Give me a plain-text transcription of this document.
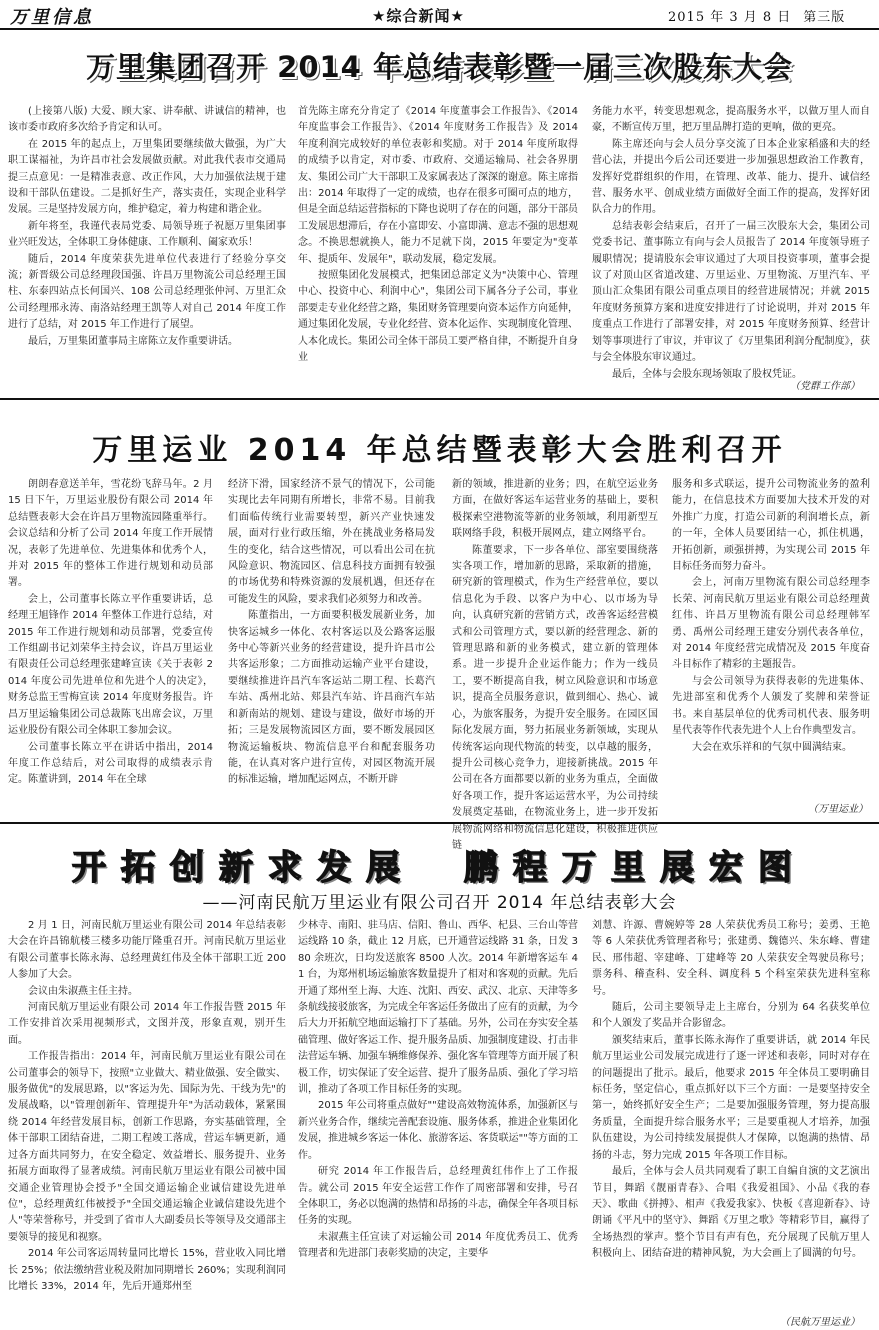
万里信息	★综合新闻★	2015 年 3 月 8 日 第三版
万里集团召开 2014 年总结表彰暨一届三次股东大会

(上接第八版) 大爱、顾大家、讲奉献、讲诚信的精神，也该市委市政府多次给予肯定和认可。

在 2015 年的起点上，万里集团要继续做大做强，为广大职工谋福祉，为许昌市社会发展做贡献。对此我代表市交通局提三点意见：一是精准表意、改正作风，大力加强依法规于建设和干部队伍建设。二是抓好生产，落实责任，实现企业科学发展。三是坚持发展方向，维护稳定，着力构建和谐企业。

新年将至，我谨代表局党委、局领导班子祝愿万里集团事业兴旺发达，全体职工身体健康、工作顺利、阖家欢乐！

随后，2014 年度荣获先进单位代表进行了经验分享交流；新晋级公司总经理段国强、许昌万里物流公司总经理王国柱、东泰四站点长何国兴、108 公司总经理张仲河、万里汇众公司经理邢永涛、南洛站经理王凯等人对自己 2014 年度工作进行了总结，对 2015 年工作进行了展望。

最后，万里集团董事局主席陈立友作重要讲话。

首先陈主席充分肯定了《2014 年度董事会工作报告》、《2014 年度监事会工作报告》、《2014 年度财务工作报告》及 2014 年度利润完成较好的单位表彰和奖励。对于 2014 年度所取得的成绩予以肯定，对市委、市政府、交通运输局、社会各界朋友、集团公司广大干部职工及家属表达了深深的谢意。陈主席指出：2014 年取得了一定的成绩，也存在很多可圈可点的地方，但是全面总结运营指标的下降也说明了存在的问题，部分干部员工发展思想滞后，存在小富即安、小富即满、意志不强的思想观念。不换思想就换人，能力不足就下岗，2015 年要定为"变革年、提质年、发展年"，联动发展，稳定发展。

按照集团化发展模式，把集团总部定义为"决策中心、管理中心、投资中心、利润中心"，集团公司下属各分子公司，事业部要走专业化经营之路，集团财务管理要向资本运作方向延伸，通过集团化发展，专业化经营、资本化运作、实现制度化管理、人本化成长。集团公司全体干部员工要严格自律，不断提升自身业

务能力水平，转变思想观念，提高服务水平，以做万里人而自豪，不断宣传万里，把万里品牌打造的更响，做的更亮。

陈主席还向与会人员分享交流了日本企业家稻盛和夫的经营心法，并提出今后公司还要进一步加强思想政治工作教育，发挥好党群组织的作用，在管理、改革、能力、提升、诚信经营、服务水平、创成业绩方面做好全面工作的提高，发挥好团队合力的作用。

总结表彰会结束后，召开了一届三次股东大会，集团公司党委书记、董事陈立有向与会人员报告了 2014 年度领导班子履职情况；提请股东会审议通过了大项目投资事项，董事会提议了对顶山区省道改建、万里运业、万里物流、万里汽车、平顶山汇众集团有限公司重点项目的经营进展情况；并就 2015 年度财务预算方案和进度安排进行了讨论说明，并对 2015 年度重点工作进行了部署安排，对 2015 年度财务预算、经营计划等事项进行了审议，并审议了《万里集团利润分配制度》，获与会全体股东审议通过。

最后，全体与会股东现场领取了股权凭证。

（党群工作部）
万里运业 2014 年总结暨表彰大会胜利召开

朗朗春意送羊年，雪花纷飞辞马年。2 月 15 日下午，万里运业股份有限公司 2014 年总结暨表彰大会在许昌万里物流园隆重举行。会议总结和分析了公司 2014 年度工作开展情况，表彰了先进单位、先进集体和优秀个人，并对 2015 年的整体工作进行规划和动员部署。

会上，公司董事长陈立平作重要讲话，总经理王旭锋作 2014 年整体工作进行总结，对 2015 年工作进行规划和动员部署，党委宣传工作组副书记刘荣华主持会议，许昌万里运业有限责任公司总经理张建峰宣读《关于表彰 2014 年度公司先进单位和先进个人的决定》，财务总监王雪梅宣读 2014 年度财务报告。许昌万里运输集团公司总裁陈飞出席会议，万里运业股份有限公司全体职工参加会议。

公司董事长陈立平在讲话中指出，2014 年度工作总结后，对公司取得的成绩表示肯定。陈董讲到，2014 年在全球

经济下滑，国家经济不景气的情况下，公司能实现比去年同期有所增长，非常不易。目前我们面临传统行业需要转型，新兴产业快速发展，面对行业行政压缩，外在挑战业务格局发生的变化，结合这些情况，可以看出公司在抗风险意识、物流园区、信息科技方面拥有较强的市场优势和特殊资源的发展机遇，但还存在可能发生的风险，要求我们必须努力和改善。

陈董指出，一方面要积极发展新业务，加快客运城乡一体化、农村客运以及公路客运服务中心等新兴业务的经营建设，提升许昌市公共客运形象；二方面推动运输产业平台建设，要继续推进许昌汽车客运站二期工程、长葛汽车站、禹州北站、郏县汽车站、许昌商汽车站和新南站的规划、建设与建设，做好市场的开拓；三是发展物流园区方面，要不断发展园区物流运输板块、物流信息平台和配套服务功能，在认真对客户进行宣传，对园区物流开展的标准运输，增加配运网点，不断开辟

新的领域，推进新的业务；四，在航空运业务方面，在做好客运车运营业务的基础上，要积极探索空港物流等新的业务领域，利用新型互联网络手段，积极开展网点，建立网络平台。

陈董要求，下一步各单位、部室要围绕落实各项工作，增加新的思路，采取新的措施，研究新的管理模式，作为生产经营单位，要以信息化为手段、以客户为中心、以市场为导向，认真研究新的营销方式，改善客运经营模式和公司管理方式，要以新的经营理念、新的管理思路和新的业务模式，建立新的管理体系。进一步提升企业运作能力；作为一线员工，要不断提高自我，树立风险意识和市场意识，提高全员服务意识，做到细心、热心、诚心，为旅客服务，为提升安全服务。在园区国际化发展方面，努力拓展业务新领域，实现从传统客运向现代物流的转变，以卓越的服务，提升公司核心竞争力，迎接新挑战。2015 年公司在各方面都要以新的业务为重点，全面做好各项工作，提升客运运营水平，为公司持续发展奠定基础，在物流业务上，进一步开发拓展物流网络和物流信息化建设，积极推进供应链

服务和多式联运，提升公司物流业务的盈利能力，在信息技术方面要加大技术开发的对外推广力度，打造公司新的利润增长点，新的一年，全体人员要团结一心，抓住机遇，开拓创新，顽强拼搏，为实现公司 2015 年目标任务而努力奋斗。

会上，河南万里物流有限公司总经理李长荣、河南民航万里运业有限公司总经理黄红伟、许昌万里物流有限公司总经理韩军勇、禹州公司经理王建安分别代表各单位，对 2014 年度经营完成情况及 2015 年度奋斗目标作了精彩的主题报告。

与会公司领导为获得表彰的先进集体、先进部室和优秀个人颁发了奖牌和荣誉证书。来自基层单位的优秀司机代表、服务明星代表等作代表先进个人上台作典型发言。

大会在欢乐祥和的气氛中圆满结束。

（万里运业）
开拓创新求发展　鹏程万里展宏图
——河南民航万里运业有限公司召开 2014 年总结表彰大会

2 月 1 日，河南民航万里运业有限公司 2014 年总结表彰大会在许昌锦航楼三楼多功能厅隆重召开。河南民航万里运业有限公司董事长陈永海、总经理黄红伟及全体干部职工近 200 人参加了大会。

会议由朱淑燕主任主持。

河南民航万里运业有限公司 2014 年工作报告暨 2015 年工作安排首次采用视频形式，文图并茂，形象直观，别开生面。

工作报告指出：2014 年，河南民航万里运业有限公司在公司董事会的领导下，按照"立业做大、精业做强、安全做实、服务做优"的发展思路，以"客运为先、国际为先、干线为先"的发展战略，以"管理创新年、管理提升年"为活动载体，紧紧围绕 2014 年经营发展目标，创新工作思路，夯实基础管理，全体干部职工团结奋进，二期工程竣工落成，营运车辆更新，通过各方面共同努力，在安全稳定、效益增长、服务提升、业务拓展方面取得了显著成绩。河南民航万里运业有限公司被中国交通企业管理协会授予"全国交通运输企业诚信建设先进单位"，总经理黄红伟被授予"全国交通运输企业诚信建设先进个人"等荣誉称号，并受到了省市人大副委员长等领导及交通部主要领导的接见和视察。

2014 年公司客运周转量同比增长 15%，营业收入同比增长 25%；依法缴纳营业税及附加同期增长 260%；实现利润同比增长 33%，2014 年，先后开通郑州至

少林寺、南阳、驻马店、信阳、鲁山、西华、杞县、三台山等营运线路 10 条，截止 12 月底，已开通营运线路 31 条，日发 380 余班次，日均发送旅客 8500 人次。2014 年新增客运车 41 台，为郑州机场运输旅客数量提升了相对和客观的贡献。先后开通了郑州至上海、大连、沈阳、西安、武汉、北京、天津等多条航线接驳旅客，为完成全年客运任务做出了应有的贡献，为今后大力开拓航空地面运输打下了基础。另外，公司在夯实安全基础管理、做好客运工作、提升服务品质、加强制度建设、打击非法营运车辆、加强车辆维修保养、强化客车管理等方面开展了积极工作，切实保证了安全运营、提升了服务品质、强化了学习培训，推动了各项工作目标任务的实现。

2015 年公司将重点做好""建设高效物流体系，加强新区与新兴业务合作，继续完善配套设施、服务体系，推进企业集团化发展，推进城乡客运一体化、旅游客运、客货联运""等方面的工作。

研究 2014 年工作报告后，总经理黄红伟作上了工作报告。就公司 2015 年安全运营工作作了周密部署和安排，号召全体职工，务必以饱满的热情和昂扬的斗志，确保全年各项目标任务的实现。

未淑燕主任宣读了对运输公司 2014 年度优秀员工、优秀管理者和先进部门表彰奖励的决定，主要华

刘慧、许源、曹婉婷等 28 人荣获优秀员工称号；姜勇、王艳等 6 人荣获优秀管理者称号；张建勇、魏德兴、朱东峰、曹建民、邢伟超、宰建峰、丁建峰等 20 人荣获安全驾驶员称号；票务科、稽查科、安全科、调度科 5 个科室荣获先进科室称号。

随后，公司主要领导走上主席台，分别为 64 名获奖单位和个人颁发了奖品并合影留念。

颁奖结束后，董事长陈永海作了重要讲话，就 2014 年民航万里运业公司发展完成进行了逐一评述和表彰，同时对存在的问题提出了批示。最后，他要求 2015 年全体员工要明确目标任务，坚定信心，重点抓好以下三个方面：一是要坚持安全第一，始终抓好安全生产；二是要加强服务管理，努力提高服务质量，全面提升综合服务水平；三是要重视人才培养，加强队伍建设，为公司持续发展提供人才保障，以饱满的热情、昂扬的斗志，努力完成 2015 年各项工作目标。

最后，全体与会人员共同观看了职工自编自演的文艺演出节目，舞蹈《靓丽青春》、合唱《我爱祖国》、小品《我的春天》、歌曲《拼搏》、相声《我爱我家》、快板《喜迎新春》、诗朗诵《平凡中的坚守》、舞蹈《万里之歌》等精彩节目，赢得了全场热烈的掌声。整个节目有声有色，充分展现了民航万里人积极向上、团结奋进的精神风貌，为大会画上了圆满的句号。

（民航万里运业）
